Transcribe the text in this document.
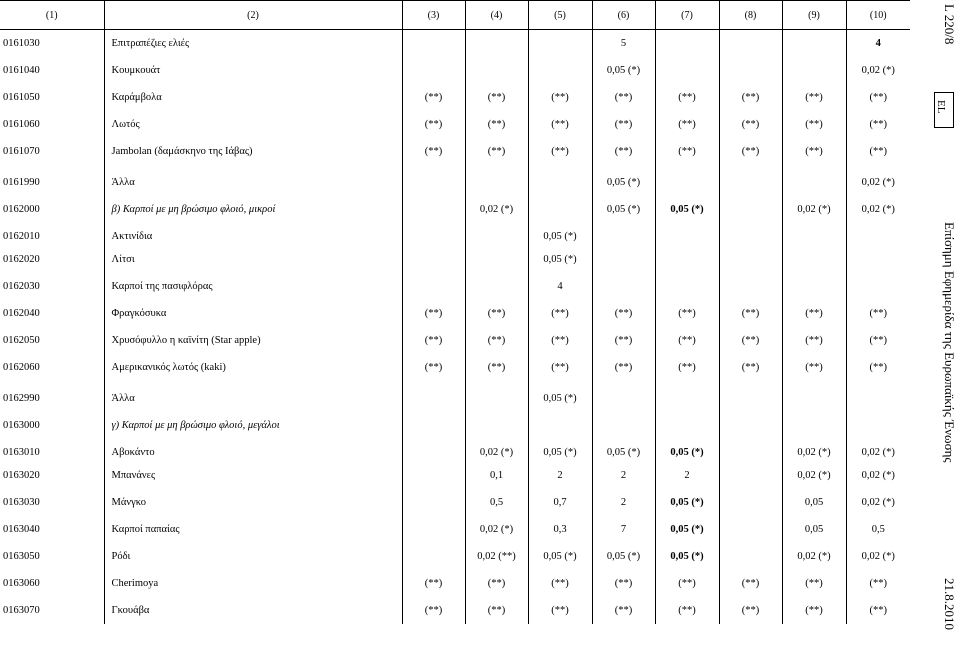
(1)	(2)	(3)	(4)	(5)	(6)	(7)	(8)	(9)	(10)
0161030	Επιτραπέζιες ελιές				5				4
0161040	Κουμκουάτ				0,05 (*)				0,02 (*)
0161050	Καράμβολα	(**)	(**)	(**)	(**)	(**)	(**)	(**)	(**)
0161060	Λωτός	(**)	(**)	(**)	(**)	(**)	(**)	(**)	(**)
0161070	Jambolan (δαμάσκηνο της Ιάβας)	(**)	(**)	(**)	(**)	(**)	(**)	(**)	(**)
0161990	Άλλα				0,05 (*)				0,02 (*)
0162000	β) Καρποί με μη βρώσιμο φλοιό, μικροί		0,02 (*)		0,05 (*)	0,05 (*)		0,02 (*)	0,02 (*)
0162010	Ακτινίδια			0,05 (*)					
0162020	Λίτσι			0,05 (*)					
0162030	Καρποί της πασιφλόρας			4					
0162040	Φραγκόσυκα	(**)	(**)	(**)	(**)	(**)	(**)	(**)	(**)
0162050	Χρυσόφυλλο η καϊνίτη (Star apple)	(**)	(**)	(**)	(**)	(**)	(**)	(**)	(**)
0162060	Αμερικανικός λωτός (kaki)	(**)	(**)	(**)	(**)	(**)	(**)	(**)	(**)
0162990	Άλλα			0,05 (*)					
0163000	γ) Καρποί με μη βρώσιμο φλοιό, μεγάλοι								
0163010	Αβοκάντο		0,02 (*)	0,05 (*)	0,05 (*)	0,05 (*)		0,02 (*)	0,02 (*)
0163020	Μπανάνες		0,1	2	2	2		0,02 (*)	0,02 (*)
0163030	Μάνγκο		0,5	0,7	2	0,05 (*)		0,05	0,02 (*)
0163040	Καρποί παπαίας		0,02 (*)	0,3	7	0,05 (*)		0,05	0,5
0163050	Ρόδι		0,02 (**)	0,05 (*)	0,05 (*)	0,05 (*)		0,02 (*)	0,02 (*)
0163060	Cherimoya	(**)	(**)	(**)	(**)	(**)	(**)	(**)	(**)
0163070	Γκουάβα	(**)	(**)	(**)	(**)	(**)	(**)	(**)	(**)
L 220/8
EL
Επίσημη Εφημερίδα της Ευρωπαϊκής Ένωσης
21.8.2010
